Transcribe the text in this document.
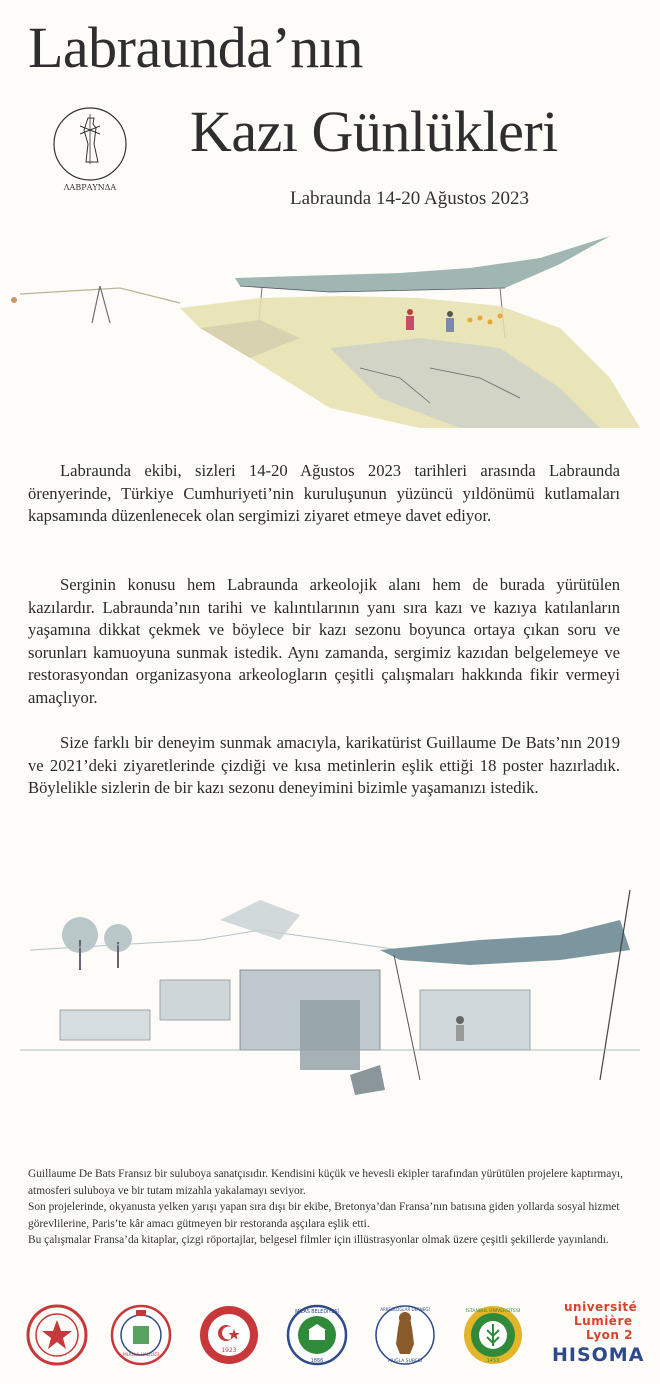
Labraunda’nın
Kazı Günlükleri
Labraunda 14-20 Ağustos 2023
ΛΑΒΡΑΥΝΔΑ

Labraunda ekibi, sizleri 14-20 Ağustos 2023 tarihleri arasında Labraunda örenyerinde, Türkiye Cumhuriyeti’nin kuruluşunun yüzüncü yıldönümü kutlamaları kapsamında düzenlenecek olan sergimizi ziyaret etmeye davet ediyor.

Serginin konusu hem Labraunda arkeolojik alanı hem de burada yürütülen kazılardır. Labraunda’nın tarihi ve kalıntılarının yanı sıra kazı ve kazıya katılanların yaşamına dikkat çekmek ve böylece bir kazı sezonu boyunca ortaya çıkan soru ve sorunları kamuoyuna sunmak istedik. Aynı zamanda, sergimiz kazıdan belgelemeye ve restorasyondan organizasyona arkeologların çeşitli çalışmaları hakkında fikir vermeyi amaçlıyor.

Size farklı bir deneyim sunmak amacıyla, karikatürist Guillaume De Bats’nın 2019 ve 2021’deki ziyaretlerinde çizdiği ve kısa metinlerin eşlik ettiği 18 poster hazırladık. Böylelikle sizlerin de bir kazı sezonu deneyimini bizimle yaşamanızı istedik.

Guillaume De Bats Fransız bir suluboya sanatçısıdır. Kendisini küçük ve hevesli ekipler tarafından yürütülen projelere kaptırmayı, atmosferi suluboya ve bir tutam mizahla yakalamayı seviyor.
Son projelerinde, okyanusta yelken yarışı yapan sıra dışı bir ekibe, Bretonya’dan Fransa’nın batısına giden yollarda sosyal hizmet görevlilerine, Paris’te kâr amacı gütmeyen bir restoranda aşçılara eşlik etti.
Bu çalışmalar Fransa’da kitaplar, çizgi röportajlar, belgesel filmler için illüstrasyonlar olmak üzere çeşitli şekillerde yayınlandı.
MUĞLA VALİLİĞİ
1923
MİLAS BELEDİYESİ
1866
ARKEOLOGLAR DERNEĞİ
MUĞLA ŞUBESİ
İSTANBUL ÜNİVERSİTESİ
1453
université
Lumière
Lyon 2
HISOMA
